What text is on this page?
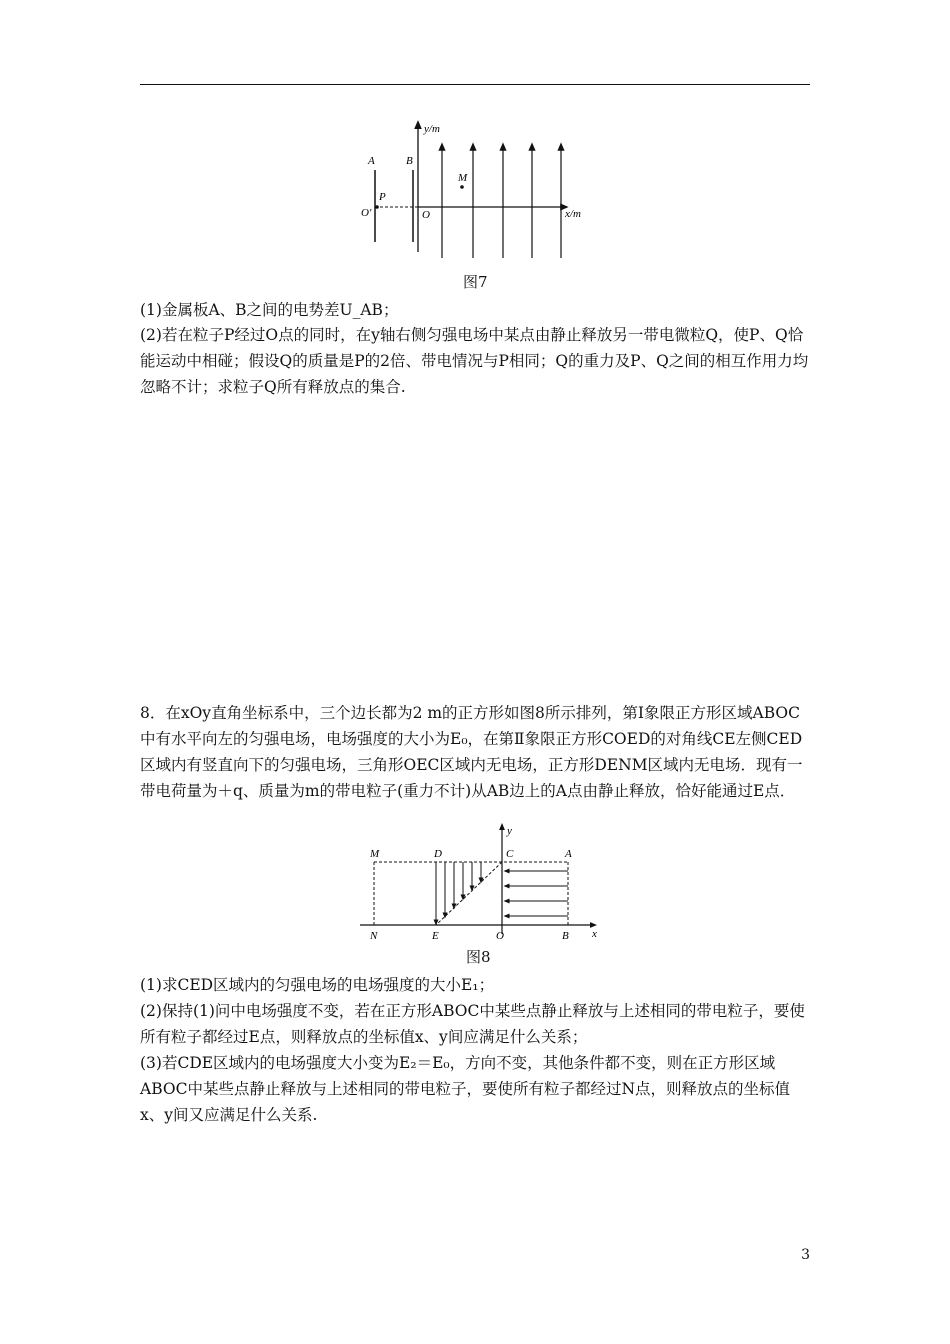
y/m
x/m
A	B
P
O′	O
M
图7

(1)金属板A、B之间的电势差U_AB；

(2)若在粒子P经过O点的同时，在y轴右侧匀强电场中某点由静止释放另一带电微粒Q，使P、Q恰能运动中相碰；假设Q的质量是P的2倍、带电情况与P相同；Q的重力及P、Q之间的相互作用力均忽略不计；求粒子Q所有释放点的集合.

8．在xOy直角坐标系中，三个边长都为2 m的正方形如图8所示排列，第Ⅰ象限正方形区域ABOC中有水平向左的匀强电场，电场强度的大小为E₀，在第Ⅱ象限正方形COED的对角线CE左侧CED区域内有竖直向下的匀强电场，三角形OEC区域内无电场，正方形DENM区域内无电场．现有一带电荷量为＋q、质量为m的带电粒子(重力不计)从AB边上的A点由静止释放，恰好能通过E点．

x
y
M	D	C	A
N	E	O	B
图8

(1)求CED区域内的匀强电场的电场强度的大小E₁；

(2)保持(1)问中电场强度不变，若在正方形ABOC中某些点静止释放与上述相同的带电粒子，要使所有粒子都经过E点，则释放点的坐标值x、y间应满足什么关系；

(3)若CDE区域内的电场强度大小变为E₂＝E₀，方向不变，其他条件都不变，则在正方形区域ABOC中某些点静止释放与上述相同的带电粒子，要使所有粒子都经过N点，则释放点的坐标值x、y间又应满足什么关系.

3
